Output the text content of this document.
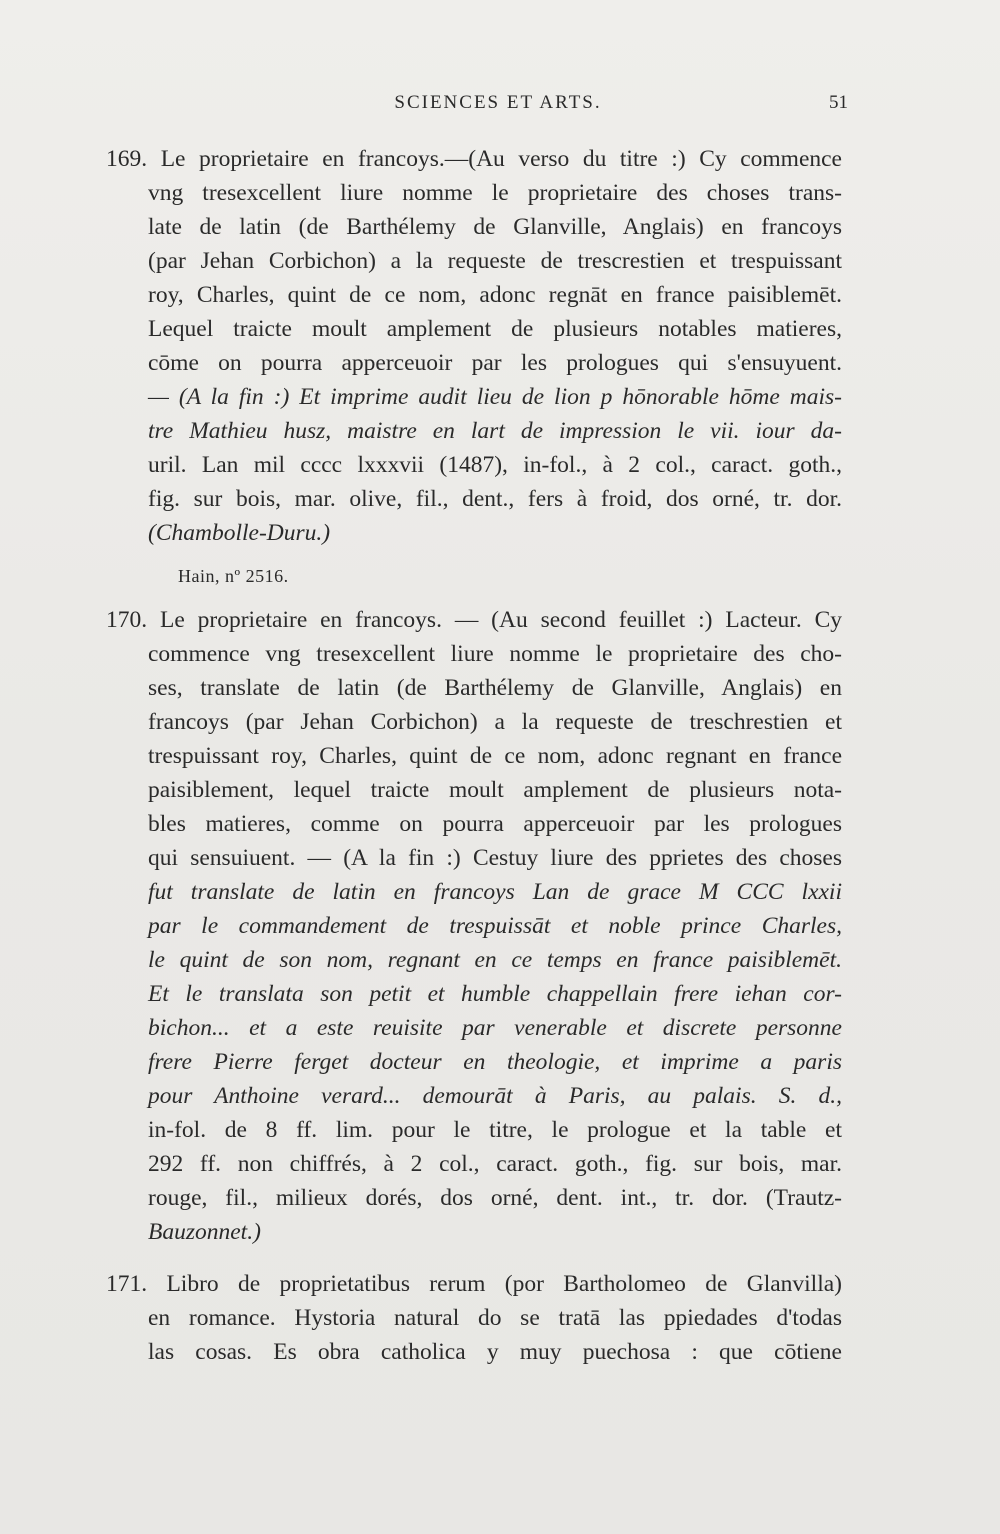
SCIENCES ET ARTS.	51
169. Le proprietaire en francoys.—(Au verso du titre :) Cy commence
vng tresexcellent liure nomme le proprietaire des choses trans-
late de latin (de Barthélemy de Glanville, Anglais) en francoys
(par Jehan Corbichon) a la requeste de trescrestien et trespuissant
roy, Charles, quint de ce nom, adonc regnāt en france paisiblemēt.
Lequel traicte moult amplement de plusieurs notables matieres,
cōme on pourra apperceuoir par les prologues qui s'ensuyuent.
— (A la fin :) Et imprime audit lieu de lion p hōnorable hōme mais-
tre Mathieu husz, maistre en lart de impression le vii. iour da-
uril. Lan mil cccc lxxxvii (1487), in-fol., à 2 col., caract. goth.,
fig. sur bois, mar. olive, fil., dent., fers à froid, dos orné, tr. dor.
(Chambolle-Duru.)
Hain, nº 2516.
170. Le proprietaire en francoys. — (Au second feuillet :) Lacteur. Cy
commence vng tresexcellent liure nomme le proprietaire des cho-
ses, translate de latin (de Barthélemy de Glanville, Anglais) en
francoys (par Jehan Corbichon) a la requeste de treschrestien et
trespuissant roy, Charles, quint de ce nom, adonc regnant en france
paisiblement, lequel traicte moult amplement de plusieurs nota-
bles matieres, comme on pourra apperceuoir par les prologues
qui sensuiuent. — (A la fin :) Cestuy liure des pprietes des choses
fut translate de latin en francoys Lan de grace M CCC lxxii
par le commandement de trespuissāt et noble prince Charles,
le quint de son nom, regnant en ce temps en france paisiblemēt.
Et le translata son petit et humble chappellain frere iehan cor-
bichon... et a este reuisite par venerable et discrete personne
frere Pierre ferget docteur en theologie, et imprime a paris
pour Anthoine verard... demourāt à Paris, au palais. S. d.,
in-fol. de 8 ff. lim. pour le titre, le prologue et la table et
292 ff. non chiffrés, à 2 col., caract. goth., fig. sur bois, mar.
rouge, fil., milieux dorés, dos orné, dent. int., tr. dor. (Trautz-
Bauzonnet.)
171. Libro de proprietatibus rerum (por Bartholomeo de Glanvilla)
en romance. Hystoria natural do se tratā las ppiedades d'todas
las cosas. Es obra catholica y muy puechosa : que cōtiene
